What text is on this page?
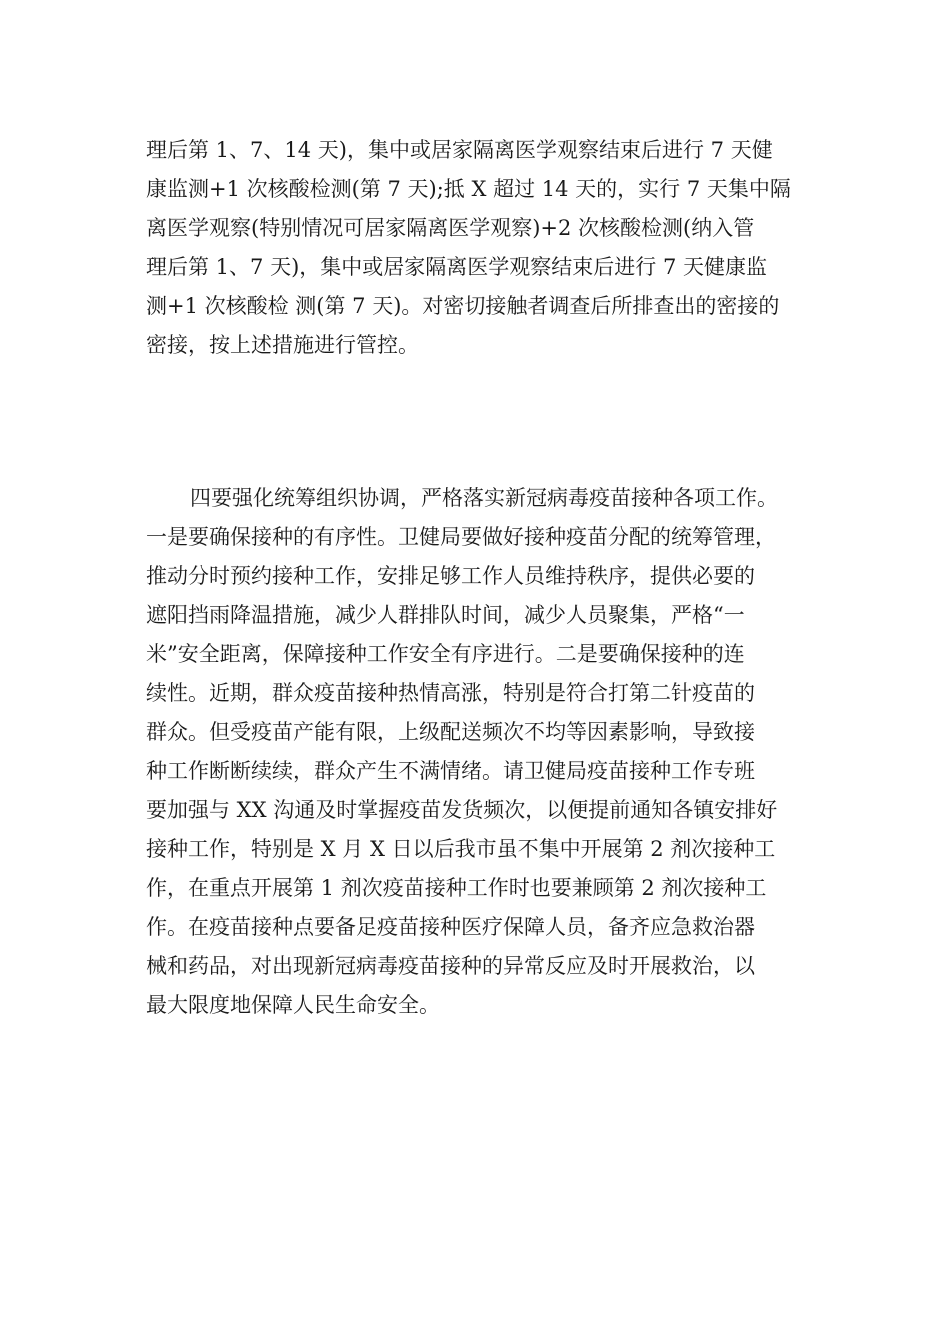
理后第 1、7、14 天)，集中或居家隔离医学观察结束后进行 7 天健
康监测+1 次核酸检测(第 7 天);抵 X 超过 14 天的，实行 7 天集中隔
离医学观察(特别情况可居家隔离医学观察)+2 次核酸检测(纳入管
理后第 1、7 天)，集中或居家隔离医学观察结束后进行 7 天健康监
测+1 次核酸检 测(第 7 天)。对密切接触者调查后所排查出的密接的
密接，按上述措施进行管控。
四要强化统筹组织协调，严格落实新冠病毒疫苗接种各项工作。
一是要确保接种的有序性。卫健局要做好接种疫苗分配的统筹管理，
推动分时预约接种工作，安排足够工作人员维持秩序，提供必要的
遮阳挡雨降温措施，减少人群排队时间，减少人员聚集，严格“一
米”安全距离，保障接种工作安全有序进行。二是要确保接种的连
续性。近期，群众疫苗接种热情高涨，特别是符合打第二针疫苗的
群众。但受疫苗产能有限，上级配送频次不均等因素影响，导致接
种工作断断续续，群众产生不满情绪。请卫健局疫苗接种工作专班
要加强与 XX 沟通及时掌握疫苗发货频次，以便提前通知各镇安排好
接种工作，特别是 X 月 X 日以后我市虽不集中开展第 2 剂次接种工
作，在重点开展第 1 剂次疫苗接种工作时也要兼顾第 2 剂次接种工
作。在疫苗接种点要备足疫苗接种医疗保障人员，备齐应急救治器
械和药品，对出现新冠病毒疫苗接种的异常反应及时开展救治，以
最大限度地保障人民生命安全。
